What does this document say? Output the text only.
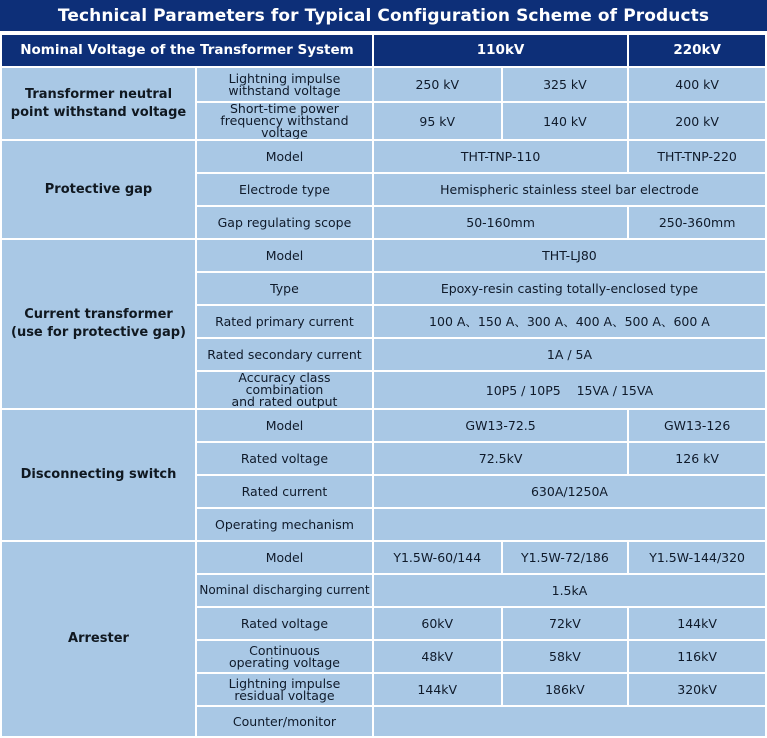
Technical Parameters for Typical Configuration Scheme of Products
Nominal Voltage of the Transformer System		110kV		220kV
Transformer neutral
point withstand voltage	Lightning impulse
withstand voltage	250 kV	325 kV	400 kV
	Short-time power
frequency withstand voltage	95 kV	140 kV	200 kV
Protective gap	Model	THT-TNP-110		THT-TNP-220
	Electrode type	Hemispheric stainless steel bar electrode		
	Gap regulating scope	50-160mm		250-360mm
Current transformer
(use for protective gap)	Model	THT-LJ80		
	Type	Epoxy-resin casting totally-enclosed type		
	Rated primary current	100 A、150 A、300 A、400 A、500 A、600 A		
	Rated secondary current	1A / 5A		
	Accuracy class combination
and rated output	10P5 / 10P5    15VA / 15VA		
Disconnecting switch	Model	GW13-72.5		GW13-126
	Rated voltage	72.5kV		126 kV
	Rated current	630A/1250A		
	Operating mechanism			
Arrester	Model	Y1.5W-60/144	Y1.5W-72/186	Y1.5W-144/320
	Nominal discharging current	1.5kA		
	Rated voltage	60kV	72kV	144kV
	Continuous
operating voltage	48kV	58kV	116kV
	Lightning impulse
residual voltage	144kV	186kV	320kV
	Counter/monitor			
